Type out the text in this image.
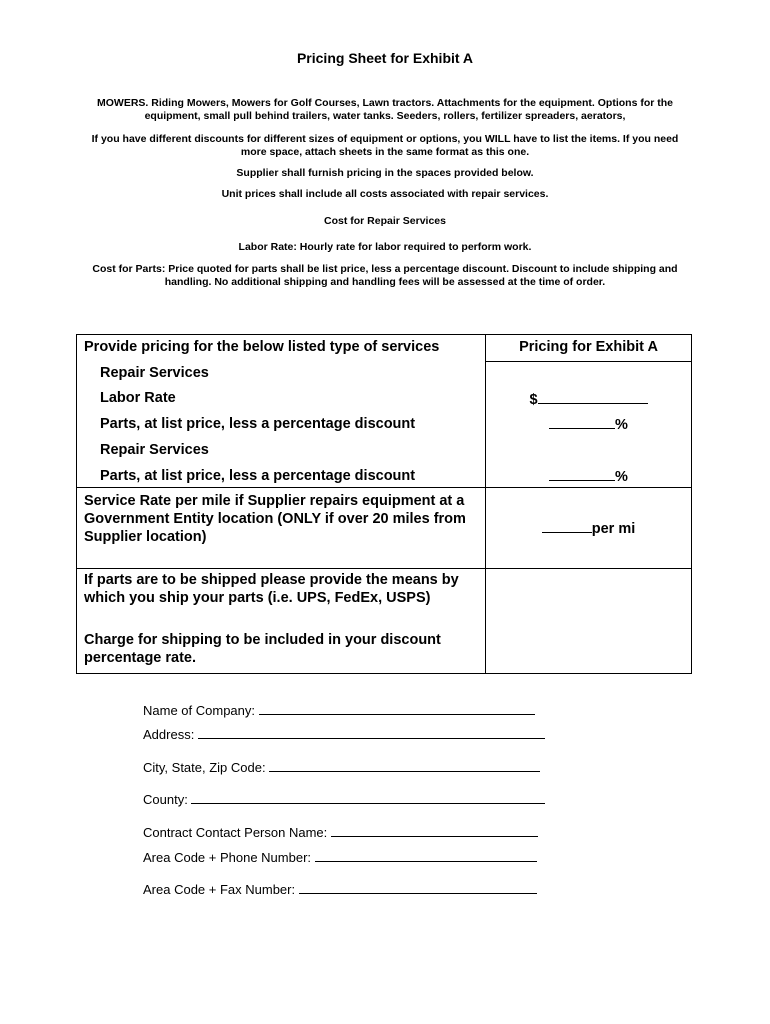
Pricing Sheet for Exhibit A
MOWERS. Riding Mowers, Mowers for Golf Courses, Lawn tractors. Attachments for the equipment. Options for the equipment, small pull behind trailers, water tanks. Seeders, rollers, fertilizer spreaders, aerators,
If you have different discounts for different sizes of equipment or options, you WILL have to list the items. If you need more space, attach sheets in the same format as this one.
Supplier shall furnish pricing in the spaces provided below.
Unit prices shall include all costs associated with repair services.
Cost for Repair Services
Labor Rate: Hourly rate for labor required to perform work.
Cost for Parts: Price quoted for parts shall be list price, less a percentage discount. Discount to include shipping and handling. No additional shipping and handling fees will be assessed at the time of order.
Provide pricing for the below listed type of services	Pricing for Exhibit A
Repair Services
Labor Rate	$
Parts, at list price, less a percentage discount	%
Repair Services
Parts, at list price, less a percentage discount	%
Service Rate per mile if Supplier repairs equipment at a Government Entity location (ONLY if over 20 miles from Supplier location)	per mi
If parts are to be shipped please provide the means by which you ship your parts (i.e. UPS, FedEx, USPS)
Charge for shipping to be included in your discount percentage rate.
Name of Company:
Address:
City, State, Zip Code:
County:
Contract Contact Person Name:
Area Code + Phone Number:
Area Code + Fax Number:
